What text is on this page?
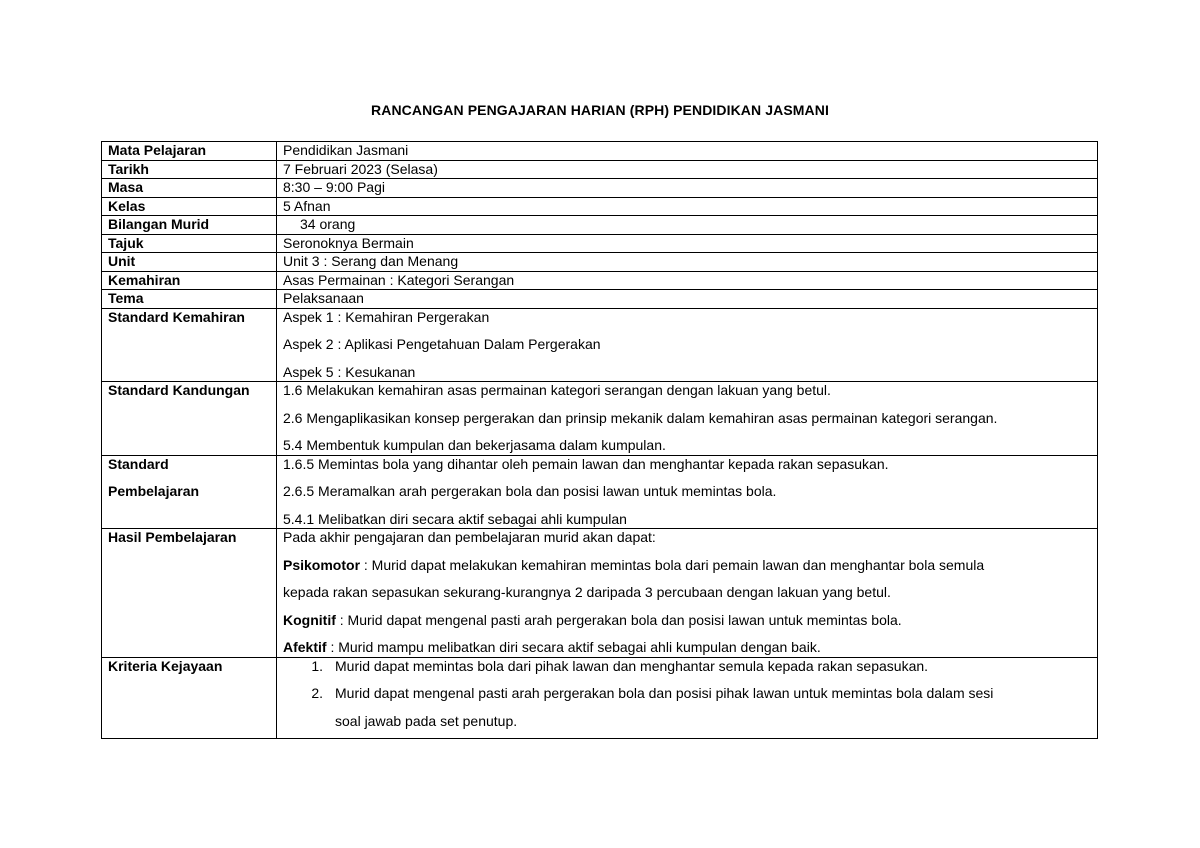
RANCANGAN PENGAJARAN HARIAN (RPH) PENDIDIKAN JASMANI
Mata Pelajaran	Pendidikan Jasmani
Tarikh	7 Februari 2023 (Selasa)
Masa	8:30 – 9:00 Pagi
Kelas	5 Afnan
Bilangan Murid	34 orang
Tajuk	Seronoknya Bermain
Unit	Unit 3 : Serang dan Menang
Kemahiran	Asas Permainan : Kategori Serangan
Tema	Pelaksanaan
Standard Kemahiran	Aspek 1 : Kemahiran Pergerakan
Aspek 2 : Aplikasi Pengetahuan Dalam Pergerakan
Aspek 5 : Kesukanan

Standard Kandungan	1.6 Melakukan kemahiran asas permainan kategori serangan dengan lakuan yang betul.
2.6 Mengaplikasikan konsep pergerakan dan prinsip mekanik dalam kemahiran asas permainan kategori serangan.
5.4 Membentuk kumpulan dan bekerjasama dalam kumpulan.

Standard
Pembelajaran	1.6.5 Memintas bola yang dihantar oleh pemain lawan dan menghantar kepada rakan sepasukan.
2.6.5 Meramalkan arah pergerakan bola dan posisi lawan untuk memintas bola.
5.4.1 Melibatkan diri secara aktif sebagai ahli kumpulan

Hasil Pembelajaran	Pada akhir pengajaran dan pembelajaran murid akan dapat:
Psikomotor : Murid dapat melakukan kemahiran memintas bola dari pemain lawan dan menghantar bola semula
kepada rakan sepasukan sekurang-kurangnya 2 daripada 3 percubaan dengan lakuan yang betul.
Kognitif : Murid dapat mengenal pasti arah pergerakan bola dan posisi lawan untuk memintas bola.
Afektif : Murid mampu melibatkan diri secara aktif sebagai ahli kumpulan dengan baik.

Kriteria Kejayaan	1. Murid dapat memintas bola dari pihak lawan dan menghantar semula kepada rakan sepasukan.
2. Murid dapat mengenal pasti arah pergerakan bola dan posisi pihak lawan untuk memintas bola dalam sesi
soal jawab pada set penutup.
